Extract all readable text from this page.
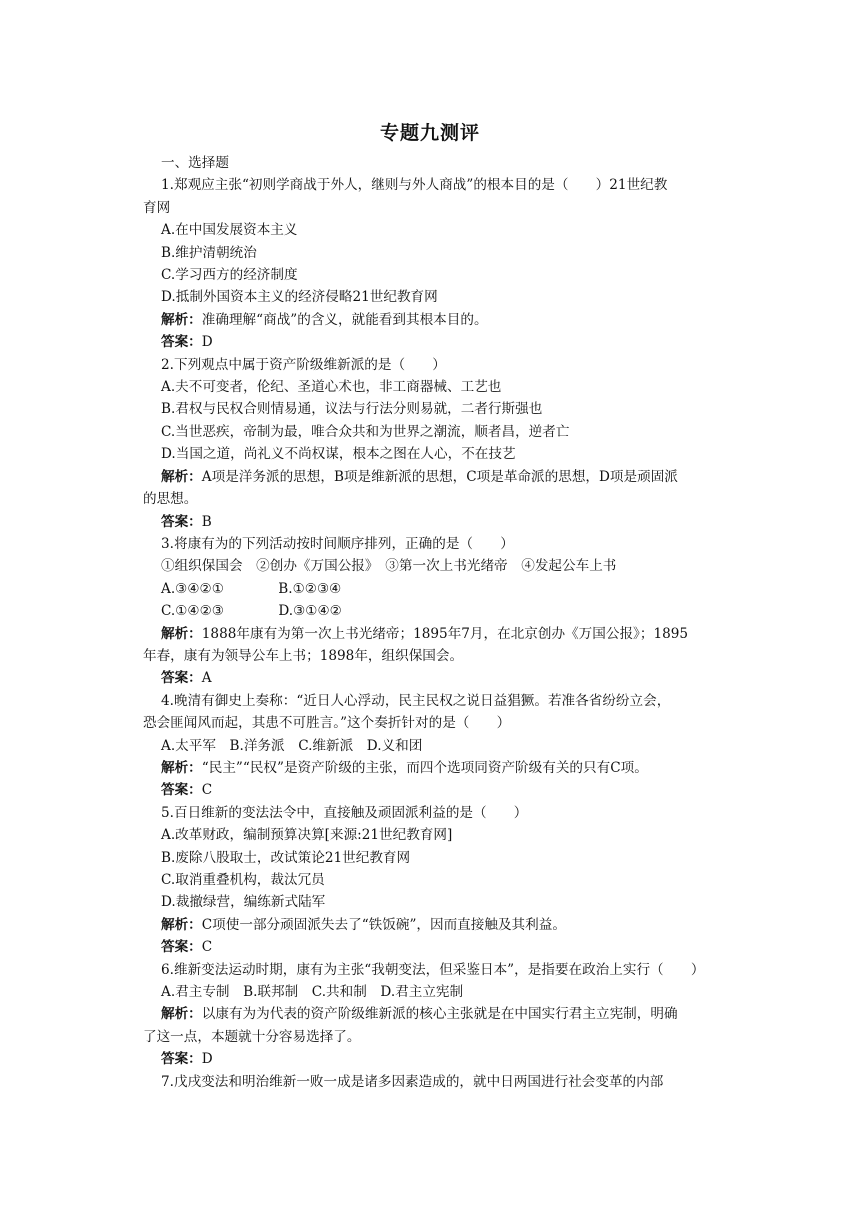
专题九测评
一、选择题
1.郑观应主张“初则学商战于外人，继则与外人商战”的根本目的是（　　）21世纪教
育网
A.在中国发展资本主义
B.维护清朝统治
C.学习西方的经济制度
D.抵制外国资本主义的经济侵略21世纪教育网
解析：准确理解“商战”的含义，就能看到其根本目的。
答案：D
2.下列观点中属于资产阶级维新派的是（　　）
A.夫不可变者，伦纪、圣道心术也，非工商器械、工艺也
B.君权与民权合则情易通，议法与行法分则易就，二者行斯强也
C.当世恶疾，帝制为最，唯合众共和为世界之潮流，顺者昌，逆者亡
D.当国之道，尚礼义不尚权谋，根本之图在人心，不在技艺
解析：A项是洋务派的思想，B项是维新派的思想，C项是革命派的思想，D项是顽固派
的思想。
答案：B
3.将康有为的下列活动按时间顺序排列，正确的是（　　）
①组织保国会　②创办《万国公报》　③第一次上书光绪帝　④发起公车上书
A.③④②①　　　　B.①②③④
C.①④②③　　　　D.③①④②
解析：1888年康有为第一次上书光绪帝；1895年7月，在北京创办《万国公报》；1895
年春，康有为领导公车上书；1898年，组织保国会。
答案：A
4.晚清有御史上奏称：“近日人心浮动，民主民权之说日益猖獗。若准各省纷纷立会，
恐会匪闻风而起，其患不可胜言。”这个奏折针对的是（　　）
A.太平军　B.洋务派　C.维新派　D.义和团
解析：“民主”“民权”是资产阶级的主张，而四个选项同资产阶级有关的只有C项。
答案：C
5.百日维新的变法法令中，直接触及顽固派利益的是（　　）
A.改革财政，编制预算决算[来源:21世纪教育网]
B.废除八股取士，改试策论21世纪教育网
C.取消重叠机构，裁汰冗员
D.裁撤绿营，编练新式陆军
解析：C项使一部分顽固派失去了“铁饭碗”，因而直接触及其利益。
答案：C
6.维新变法运动时期，康有为主张“我朝变法，但采鉴日本”，是指要在政治上实行（　　）
A.君主专制　B.联邦制　C.共和制　D.君主立宪制
解析：以康有为为代表的资产阶级维新派的核心主张就是在中国实行君主立宪制，明确
了这一点，本题就十分容易选择了。
答案：D
7.戊戌变法和明治维新一败一成是诸多因素造成的，就中日两国进行社会变革的内部
